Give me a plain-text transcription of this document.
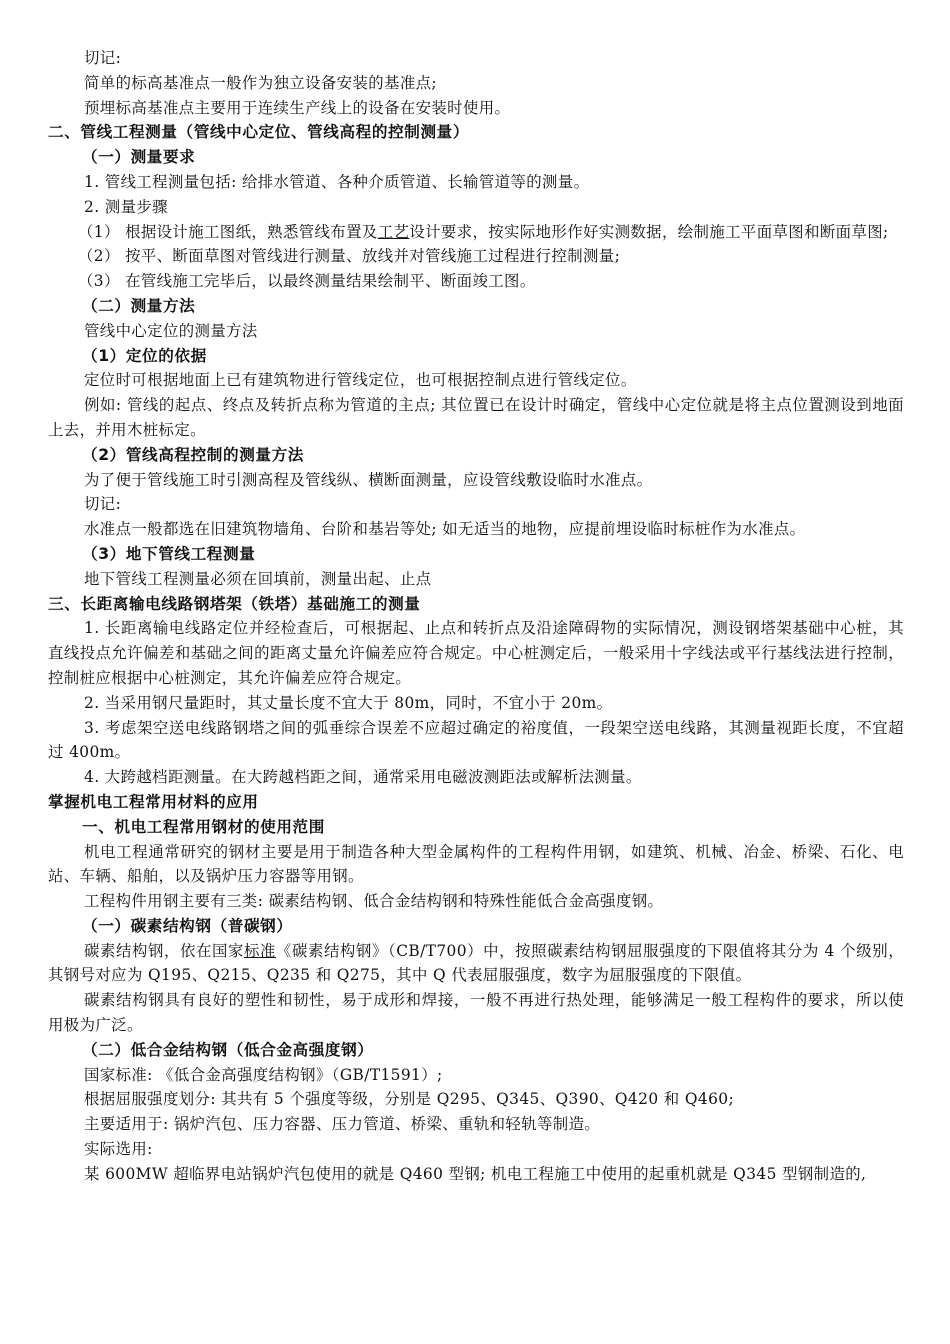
切记:
简单的标高基准点一般作为独立设备安装的基准点;
预埋标高基准点主要用于连续生产线上的设备在安装时使用。
二、管线工程测量（管线中心定位、管线高程的控制测量）
（一）测量要求
1. 管线工程测量包括: 给排水管道、各种介质管道、长输管道等的测量。
2. 测量步骤
（1） 根据设计施工图纸，熟悉管线布置及工艺设计要求，按实际地形作好实测数据，绘制施工平面草图和断面草图;
（2） 按平、断面草图对管线进行测量、放线并对管线施工过程进行控制测量;
（3） 在管线施工完毕后，以最终测量结果绘制平、断面竣工图。
（二）测量方法
管线中心定位的测量方法
（1）定位的依据
定位时可根据地面上已有建筑物进行管线定位，也可根据控制点进行管线定位。
例如: 管线的起点、终点及转折点称为管道的主点; 其位置已在设计时确定，管线中心定位就是将主点位置测设到地面上去，并用木桩标定。
（2）管线高程控制的测量方法
为了便于管线施工时引测高程及管线纵、横断面测量，应设管线敷设临时水准点。
切记:
水准点一般都选在旧建筑物墙角、台阶和基岩等处; 如无适当的地物，应提前埋设临时标桩作为水准点。
（3）地下管线工程测量
地下管线工程测量必须在回填前，测量出起、止点
三、长距离输电线路钢塔架（铁塔）基础施工的测量
1. 长距离输电线路定位并经检查后，可根据起、止点和转折点及沿途障碍物的实际情况，测设钢塔架基础中心桩，其直线投点允许偏差和基础之间的距离丈量允许偏差应符合规定。中心桩测定后，一般采用十字线法或平行基线法进行控制，控制桩应根据中心桩测定，其允许偏差应符合规定。
2. 当采用钢尺量距时，其丈量长度不宜大于 80m，同时，不宜小于 20m。
3. 考虑架空送电线路钢塔之间的弧垂综合误差不应超过确定的裕度值，一段架空送电线路，其测量视距长度，不宜超过 400m。
4. 大跨越档距测量。在大跨越档距之间，通常采用电磁波测距法或解析法测量。
掌握机电工程常用材料的应用
一、机电工程常用钢材的使用范围
机电工程通常研究的钢材主要是用于制造各种大型金属构件的工程构件用钢，如建筑、机械、冶金、桥梁、石化、电站、车辆、船舶，以及锅炉压力容器等用钢。
工程构件用钢主要有三类: 碳素结构钢、低合金结构钢和特殊性能低合金高强度钢。
（一）碳素结构钢（普碳钢）
碳素结构钢，依在国家标准《碳素结构钢》（CB/T700）中，按照碳素结构钢屈服强度的下限值将其分为 4 个级别，其钢号对应为 Q195、Q215、Q235 和 Q275，其中 Q 代表屈服强度，数字为屈服强度的下限值。
碳素结构钢具有良好的塑性和韧性，易于成形和焊接，一般不再进行热处理，能够满足一般工程构件的要求，所以使用极为广泛。
（二）低合金结构钢（低合金高强度钢）
国家标准: 《低合金高强度结构钢》（GB/T1591）;
根据屈服强度划分: 其共有 5 个强度等级，分别是 Q295、Q345、Q390、Q420 和 Q460;
主要适用于: 锅炉汽包、压力容器、压力管道、桥梁、重轨和轻轨等制造。
实际选用:
某 600MW 超临界电站锅炉汽包使用的就是 Q460 型钢; 机电工程施工中使用的起重机就是 Q345 型钢制造的,
